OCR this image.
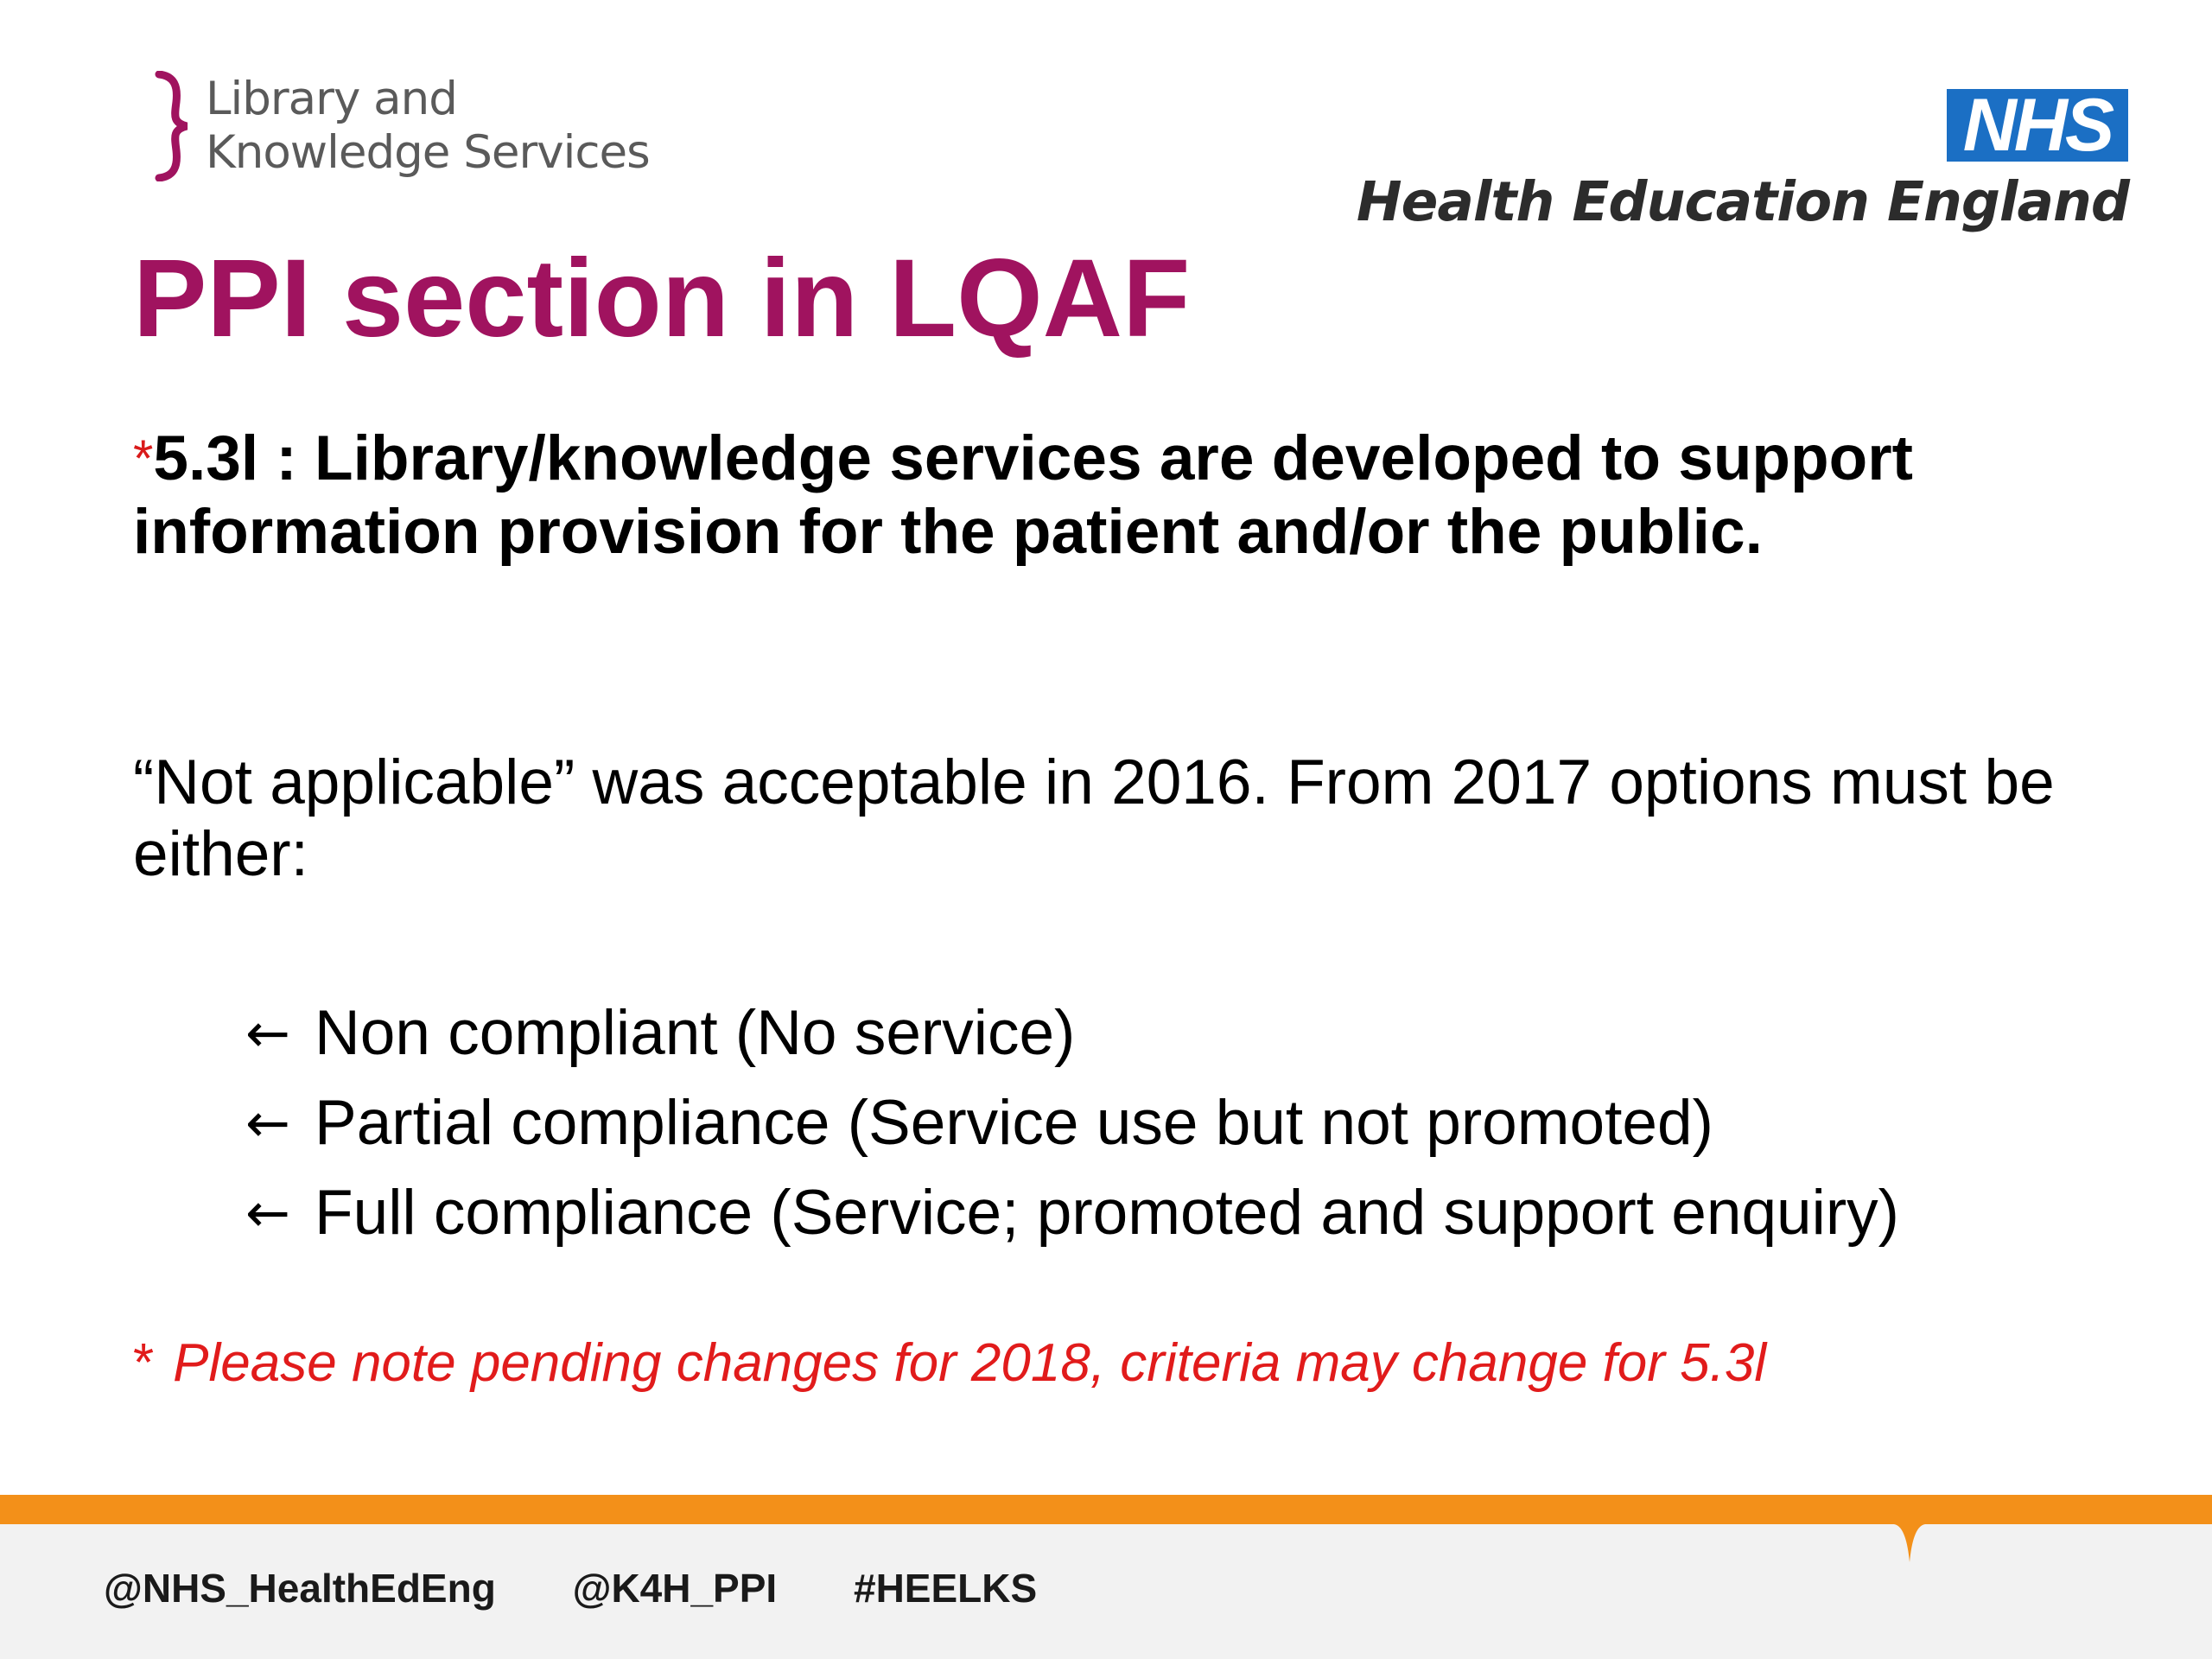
Library and
Knowledge Services	NHS
Health Education England
PPI section in LQAF
*5.3l : Library/knowledge services are developed to support information provision for the patient and/or the public.
“Not applicable” was acceptable in 2016. From 2017 options must be either:
← Non compliant (No service)
← Partial compliance (Service use but not promoted)
← Full compliance (Service; promoted and support enquiry)
* Please note pending changes for 2018, criteria may change for 5.3l
@NHS_HealthEdEng @K4H_PPI #HEELKS
